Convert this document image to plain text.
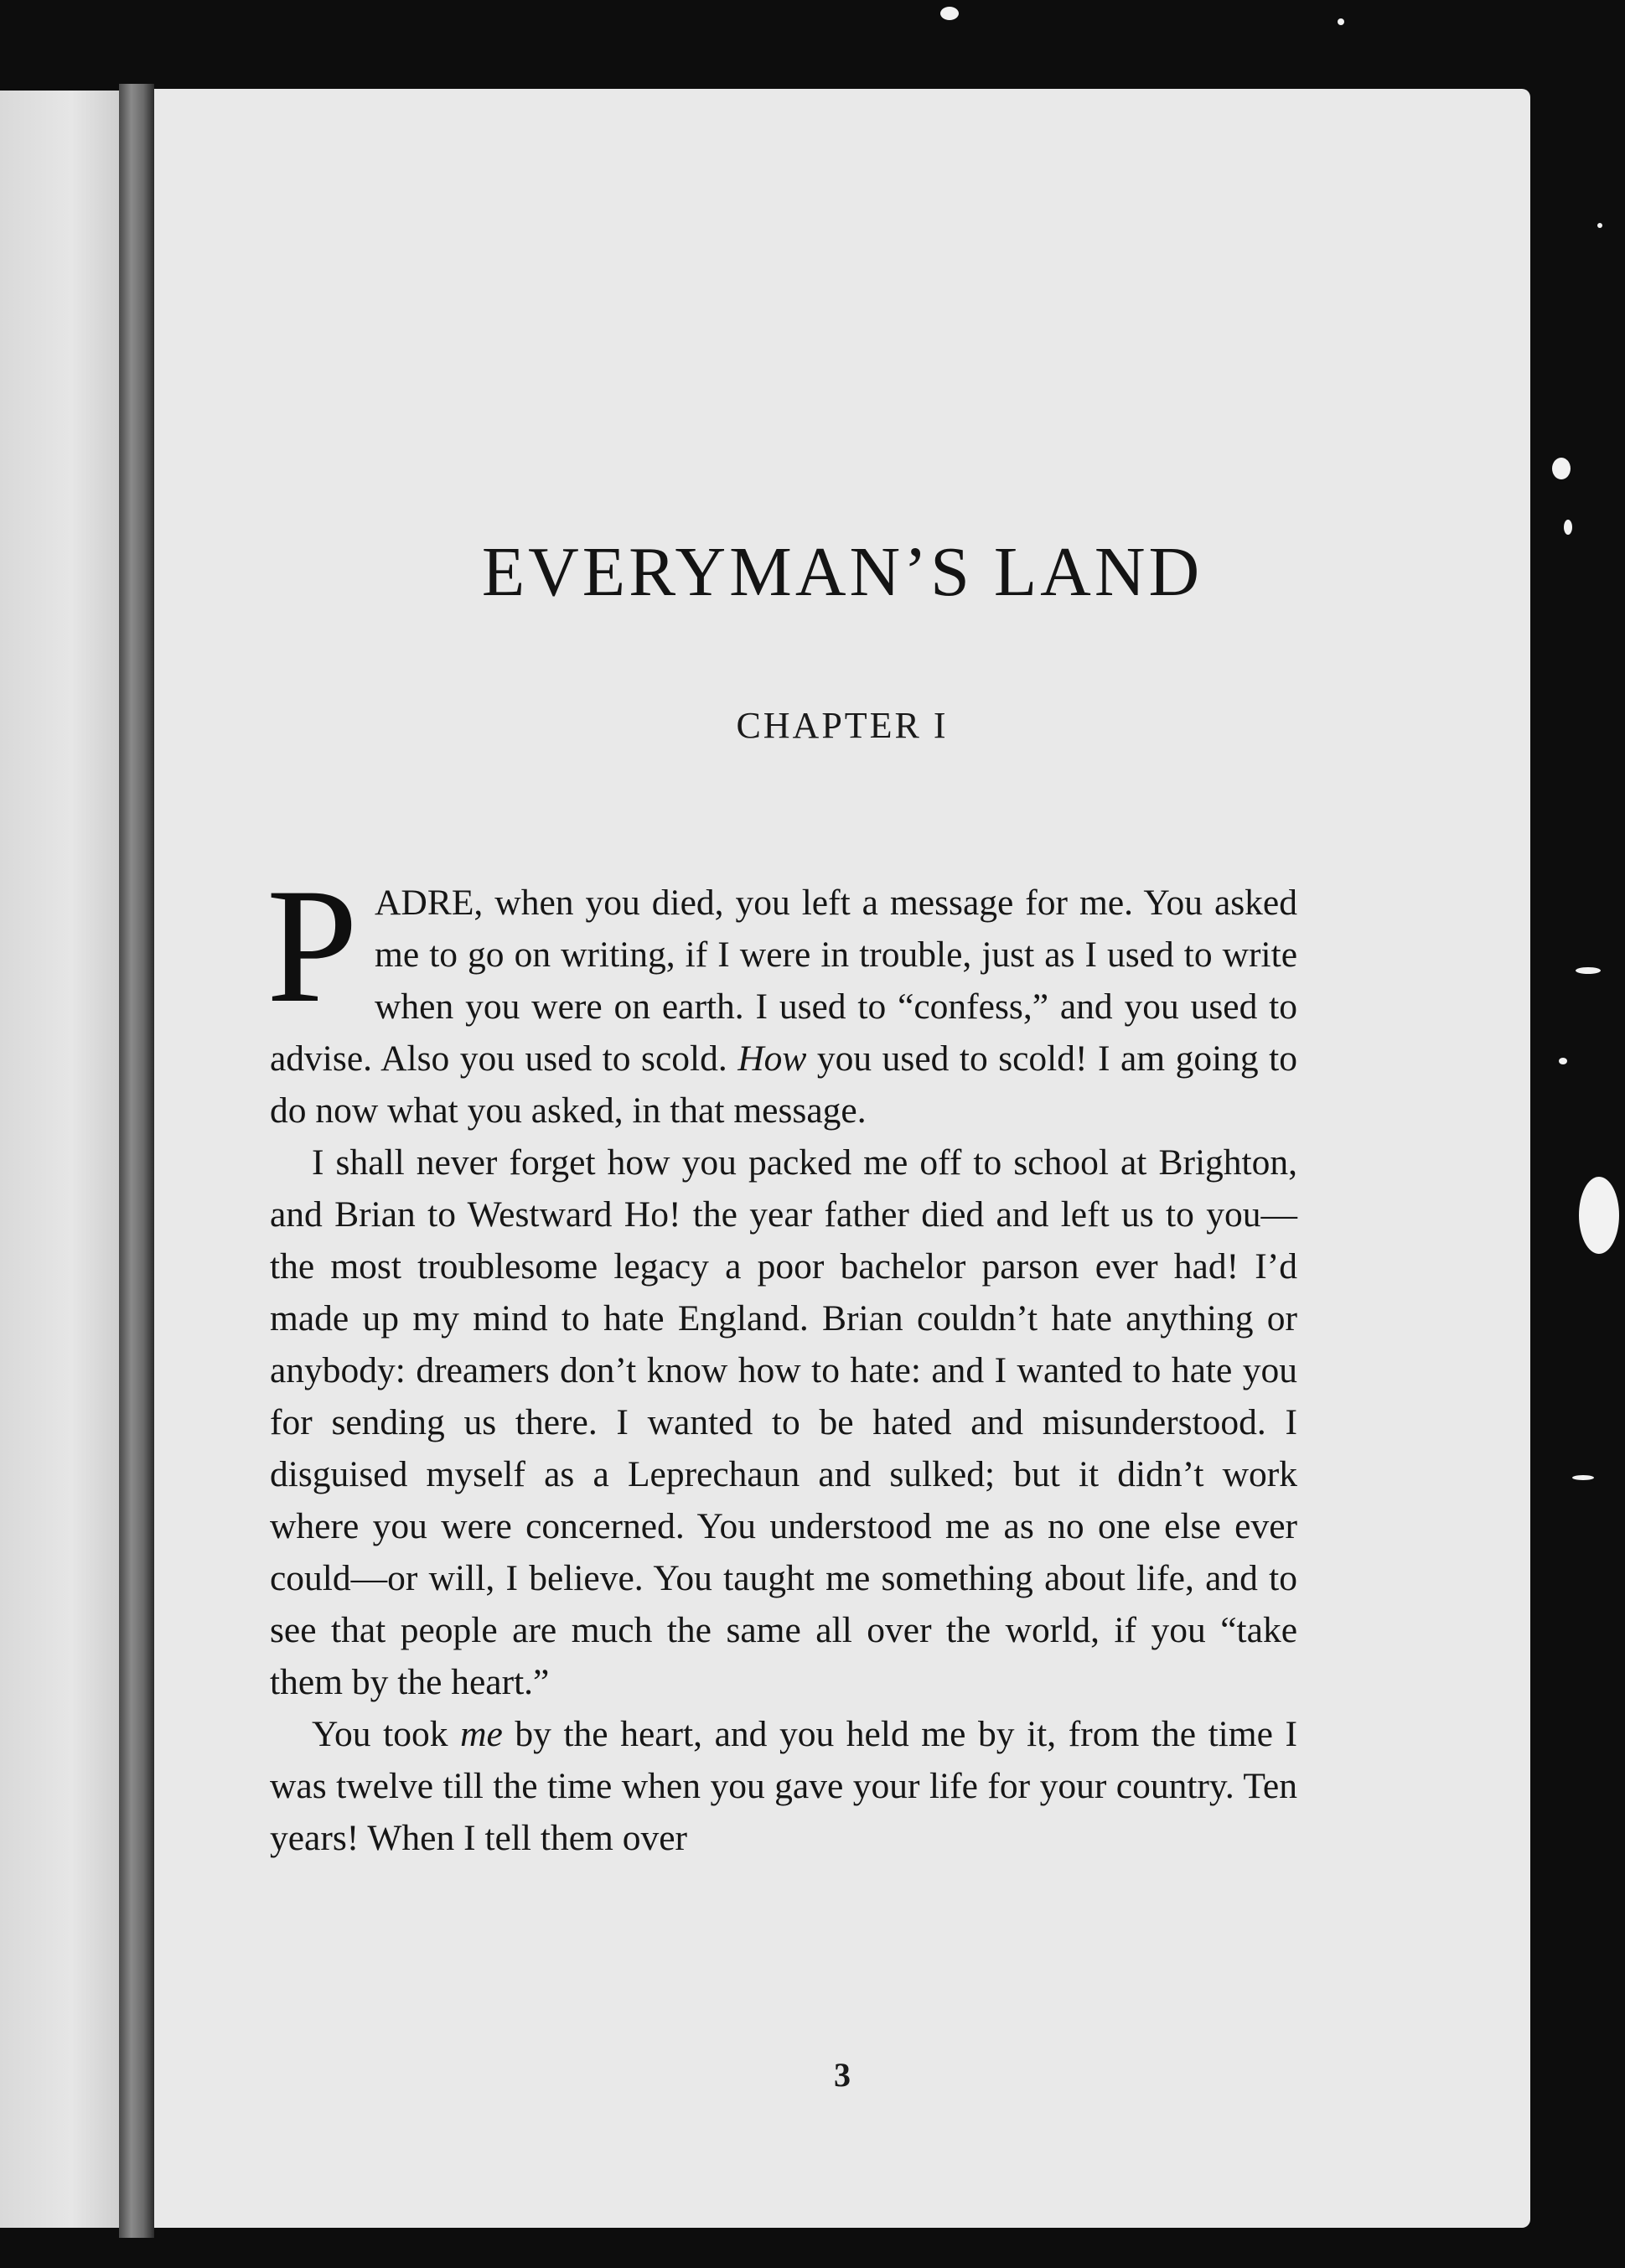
EVERYMAN’S LAND
CHAPTER I

PADRE, when you died, you left a message for me. You asked me to go on writing, if I were in trouble, just as I used to write when you were on earth. I used to “confess,” and you used to advise. Also you used to scold. How you used to scold! I am going to do now what you asked, in that message.

I shall never forget how you packed me off to school at Brighton, and Brian to Westward Ho! the year father died and left us to you—the most troublesome legacy a poor bachelor parson ever had! I’d made up my mind to hate England. Brian couldn’t hate anything or anybody: dreamers don’t know how to hate: and I wanted to hate you for sending us there. I wanted to be hated and misunderstood. I disguised myself as a Leprechaun and sulked; but it didn’t work where you were concerned. You understood me as no one else ever could—or will, I believe. You taught me something about life, and to see that people are much the same all over the world, if you “take them by the heart.”

You took me by the heart, and you held me by it, from the time I was twelve till the time when you gave your life for your country. Ten years! When I tell them over

3
